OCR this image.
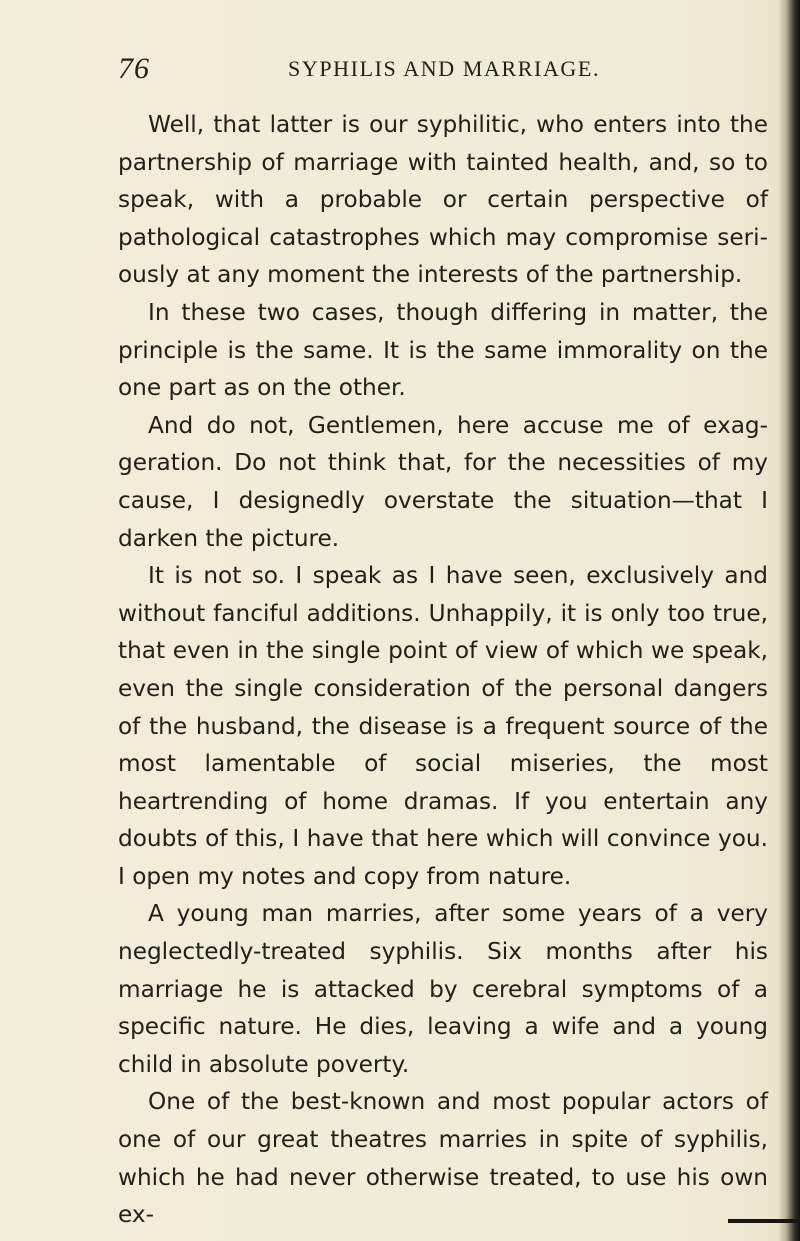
76	SYPHILIS AND MARRIAGE.

Well, that latter is our syphilitic, who enters into the partnership of marriage with tainted health, and, so to speak, with a probable or certain perspective of pathological catastrophes which may compromise seriously at any moment the interests of the partnership.

In these two cases, though differing in matter, the principle is the same. It is the same immorality on the one part as on the other.

And do not, Gentlemen, here accuse me of exaggeration. Do not think that, for the necessities of my cause, I designedly overstate the situation—that I darken the picture.

It is not so. I speak as I have seen, exclusively and without fanciful additions. Unhappily, it is only too true, that even in the single point of view of which we speak, even the single consideration of the personal dangers of the husband, the disease is a frequent source of the most lamentable of social miseries, the most heartrending of home dramas. If you entertain any doubts of this, I have that here which will convince you. I open my notes and copy from nature.

A young man marries, after some years of a very neglectedly-treated syphilis. Six months after his marriage he is attacked by cerebral symptoms of a specific nature. He dies, leaving a wife and a young child in absolute poverty.

One of the best-known and most popular actors of one of our great theatres marries in spite of syphilis, which he had never otherwise treated, to use his own ex-
